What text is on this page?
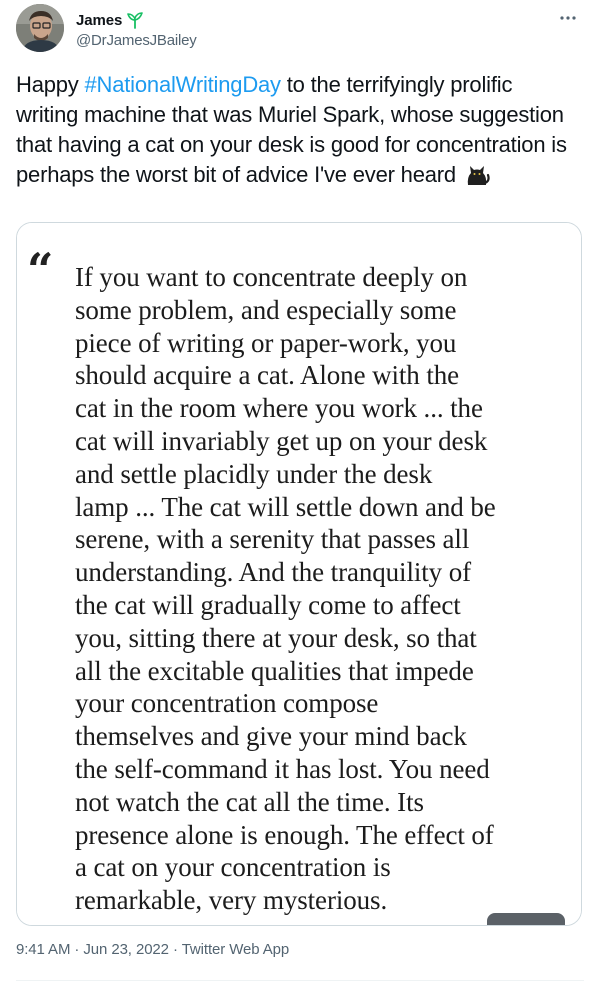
James
@DrJamesJBailey
Happy #NationalWritingDay to the terrifyingly prolific writing machine that was Muriel Spark, whose suggestion that having a cat on your desk is good for concentration is perhaps the worst bit of advice I've ever heard
“ If you want to concentrate deeply on
some problem, and especially some
piece of writing or paper-work, you
should acquire a cat. Alone with the
cat in the room where you work ... the
cat will invariably get up on your desk
and settle placidly under the desk
lamp ... The cat will settle down and be
serene, with a serenity that passes all
understanding. And the tranquility of
the cat will gradually come to affect
you, sitting there at your desk, so that
all the excitable qualities that impede
your concentration compose
themselves and give your mind back
the self-command it has lost. You need
not watch the cat all the time. Its
presence alone is enough. The effect of
a cat on your concentration is
remarkable, very mysterious.
9:41 AM · Jun 23, 2022 · Twitter Web App
